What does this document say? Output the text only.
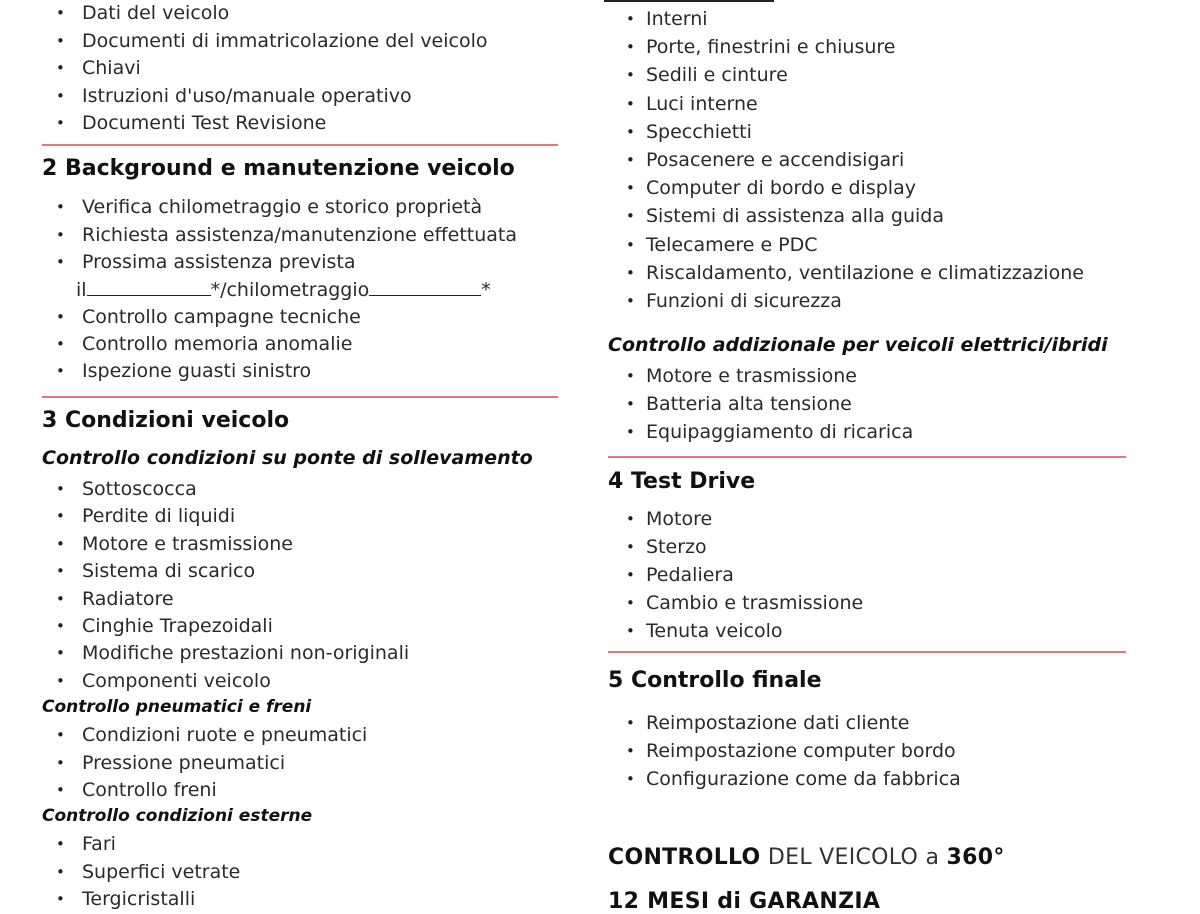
• Dati del veicolo
• Documenti di immatricolazione del veicolo
• Chiavi
• Istruzioni d'uso/manuale operativo
• Documenti Test Revisione
2 Background e manutenzione veicolo
• Verifica chilometraggio e storico proprietà
• Richiesta assistenza/manutenzione effettuata
• Prossima assistenza prevista
il	*/chilometraggio	*
• Controllo campagne tecniche
• Controllo memoria anomalie
• Ispezione guasti sinistro
3 Condizioni veicolo
Controllo condizioni su ponte di sollevamento
• Sottoscocca
• Perdite di liquidi
• Motore e trasmissione
• Sistema di scarico
• Radiatore
• Cinghie Trapezoidali
• Modifiche prestazioni non-originali
• Componenti veicolo
Controllo pneumatici e freni
• Condizioni ruote e pneumatici
• Pressione pneumatici
• Controllo freni
Controllo condizioni esterne
• Fari
• Superfici vetrate
• Tergicristalli
• Interni
• Porte, finestrini e chiusure
• Sedili e cinture
• Luci interne
• Specchietti
• Posacenere e accendisigari
• Computer di bordo e display
• Sistemi di assistenza alla guida
• Telecamere e PDC
• Riscaldamento, ventilazione e climatizzazione
• Funzioni di sicurezza
Controllo addizionale per veicoli elettrici/ibridi
• Motore e trasmissione
• Batteria alta tensione
• Equipaggiamento di ricarica
4 Test Drive
• Motore
• Sterzo
• Pedaliera
• Cambio e trasmissione
• Tenuta veicolo
5 Controllo finale
• Reimpostazione dati cliente
• Reimpostazione computer bordo
• Configurazione come da fabbrica
CONTROLLO DEL VEICOLO a 360°
12 MESI di GARANZIA
